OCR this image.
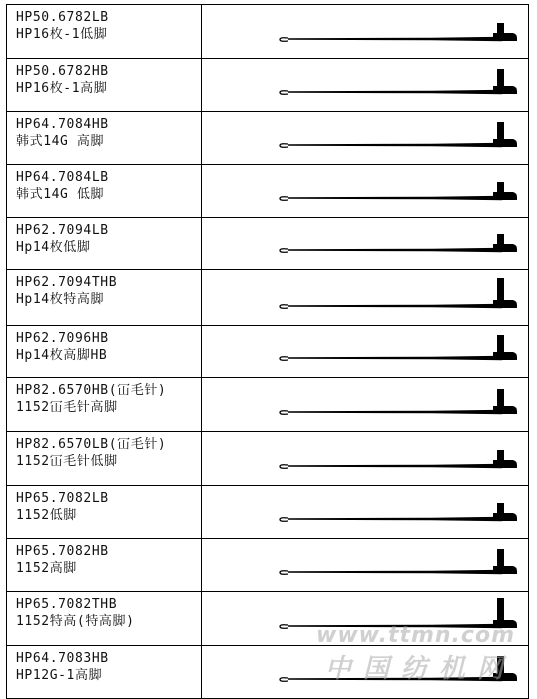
HP50.6782LB
HP16枚-1低脚
HP50.6782HB
HP16枚-1高脚
HP64.7084HB
韩式14G 高脚
HP64.7084LB
韩式14G 低脚
HP62.7094LB
Hp14枚低脚
HP62.7094THB
Hp14枚特高脚
HP62.7096HB
Hp14枚高脚HB
HP82.6570HB(冚毛针)
1152冚毛针高脚
HP82.6570LB(冚毛针)
1152冚毛针低脚
HP65.7082LB
1152低脚
HP65.7082HB
1152高脚
HP65.7082THB
1152特高(特高脚)
HP64.7083HB
HP12G-1高脚
www.ttmn.com
中国纺机网
